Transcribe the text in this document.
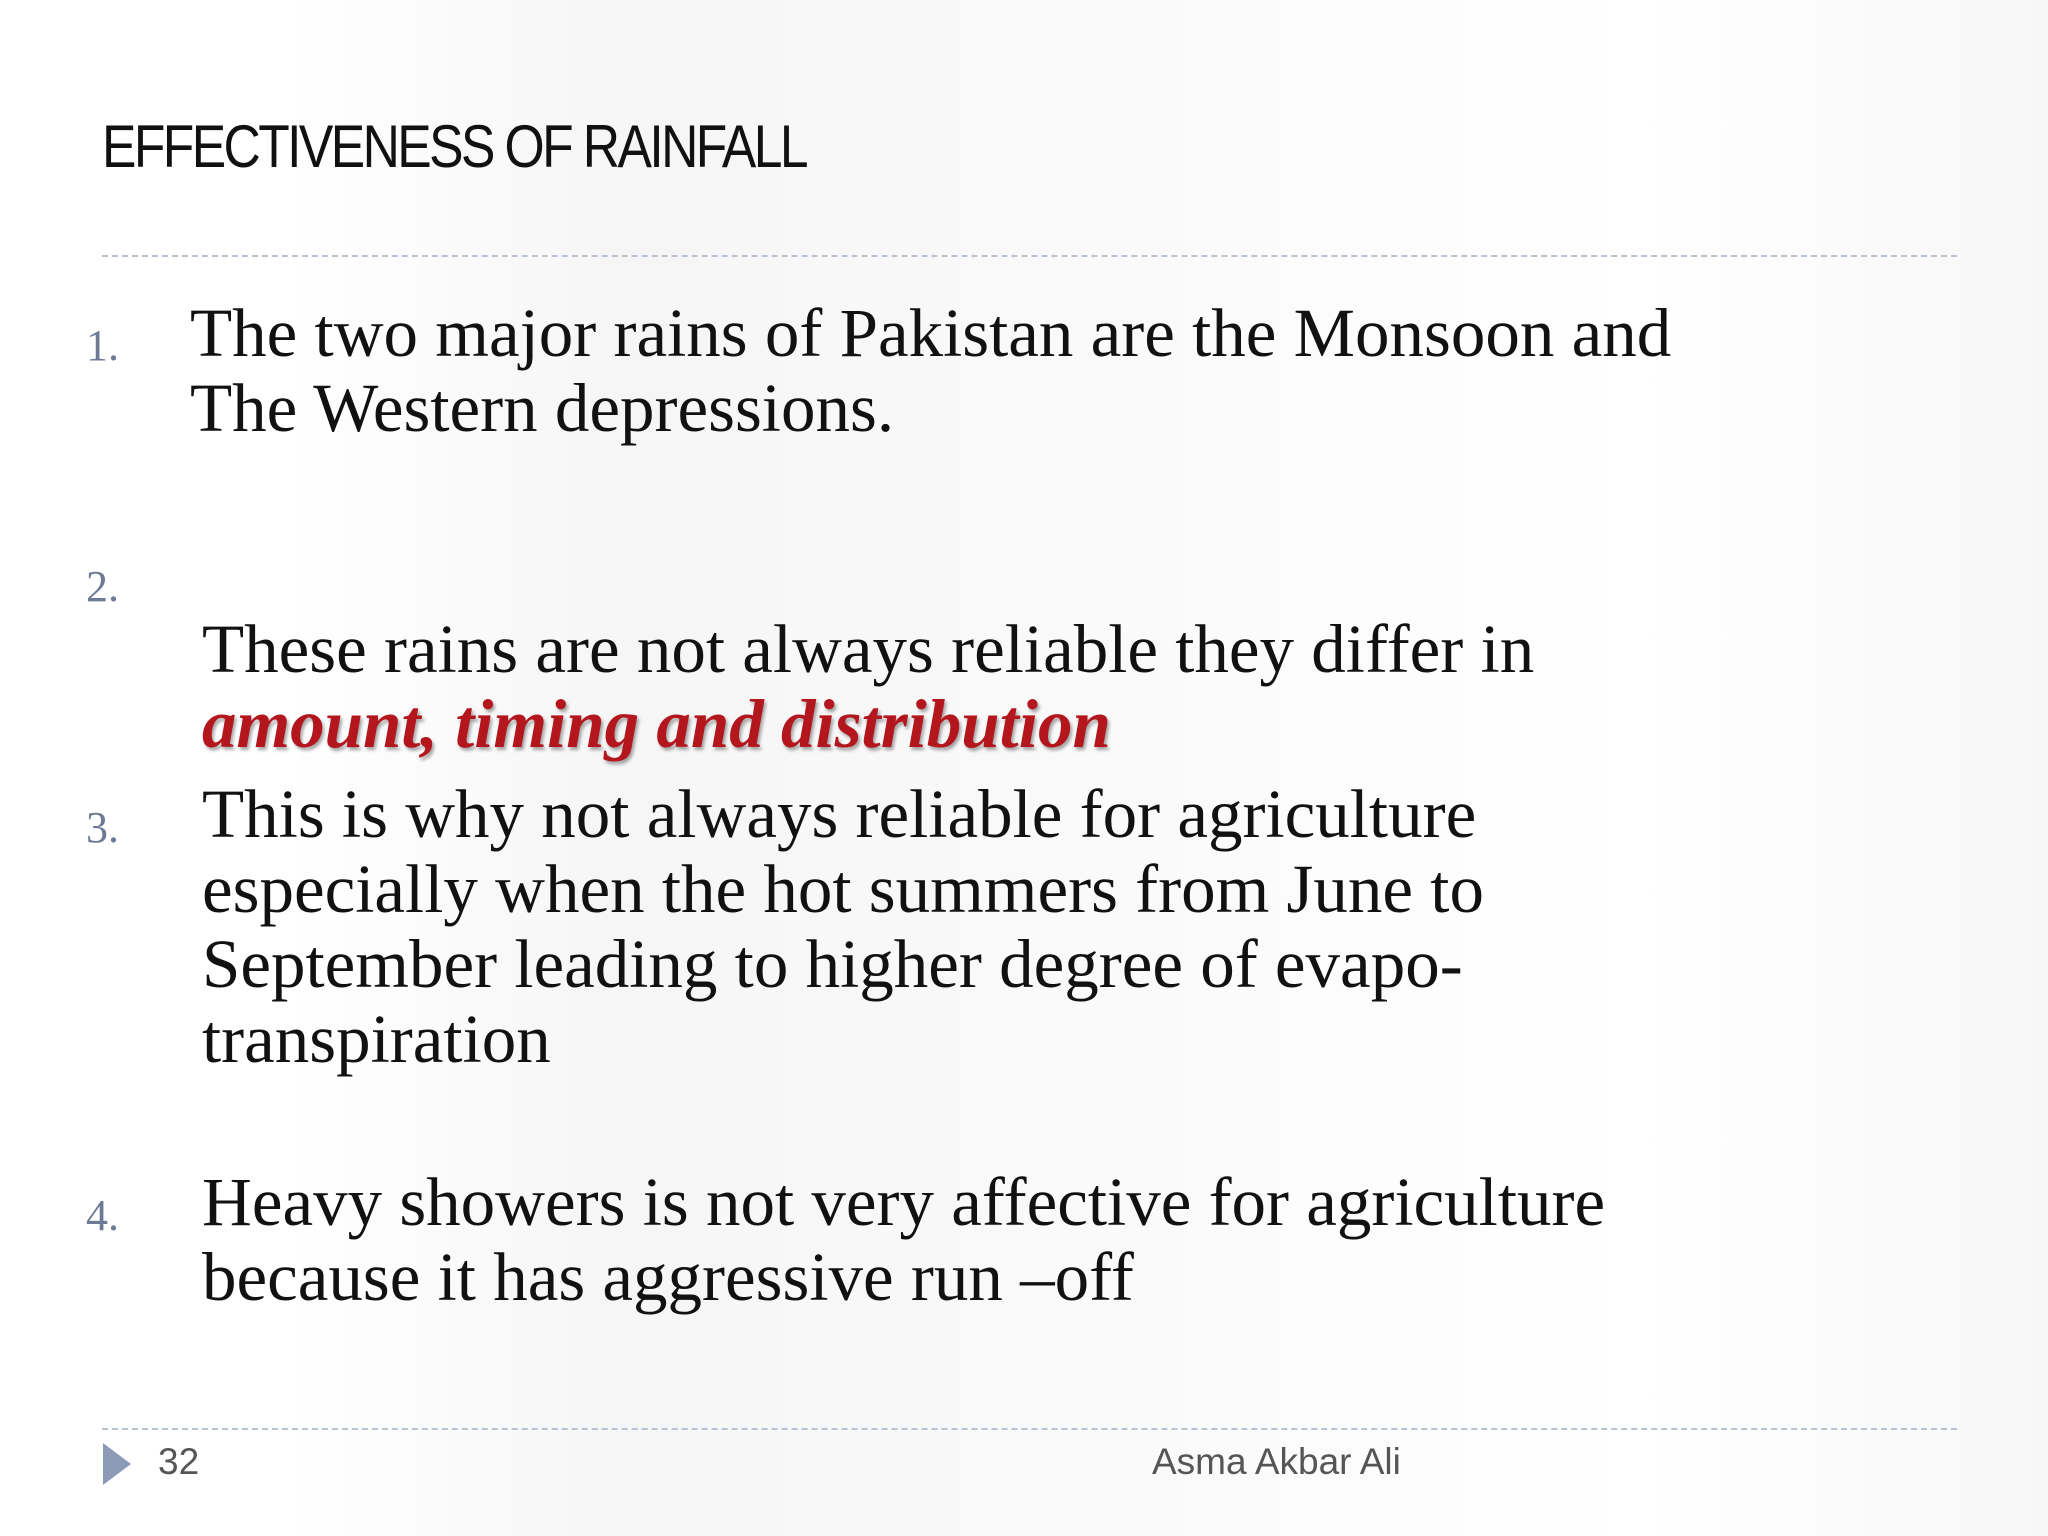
EFFECTIVENESS OF RAINFALL
1. The two major rains of Pakistan are the Monsoon and
The Western depressions.
2.

These rains are not always reliable they differ in

amount, timing and distribution

3. This is why not always reliable for agriculture
especially when the hot summers from June to
September leading to higher degree of evapo-
transpiration
4. Heavy showers is not very affective for agriculture
because it has aggressive run –off
32	Asma Akbar Ali
